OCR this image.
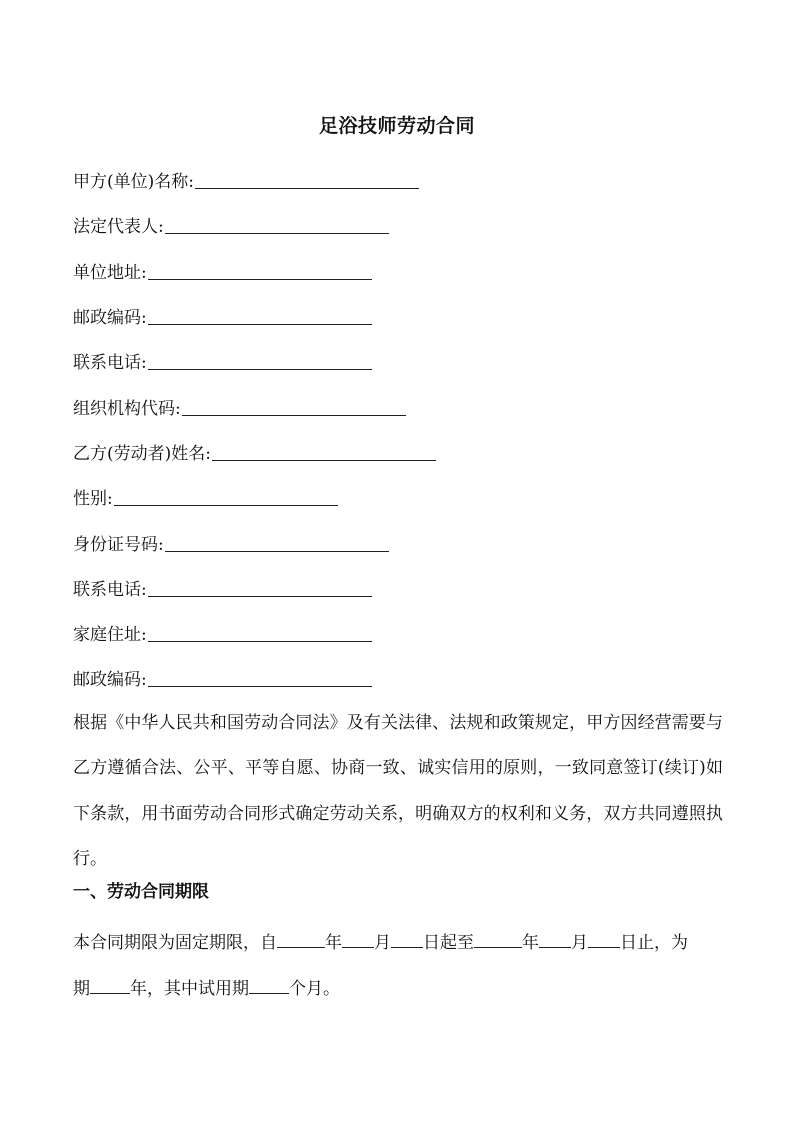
足浴技师劳动合同
甲方(单位)名称:
法定代表人:
单位地址:
邮政编码:
联系电话:
组织机构代码:
乙方(劳动者)姓名:
性别:
身份证号码:
联系电话:
家庭住址:
邮政编码:
根据《中华人民共和国劳动合同法》及有关法律、法规和政策规定，甲方因经营需要与乙方遵循合法、公平、平等自愿、协商一致、诚实信用的原则，一致同意签订(续订)如下条款，用书面劳动合同形式确定劳动关系，明确双方的权利和义务，双方共同遵照执行。
一、劳动合同期限
本合同期限为固定期限，自	年 月 日起至	年 月 日止，为
期 年，其中试用期 个月。
